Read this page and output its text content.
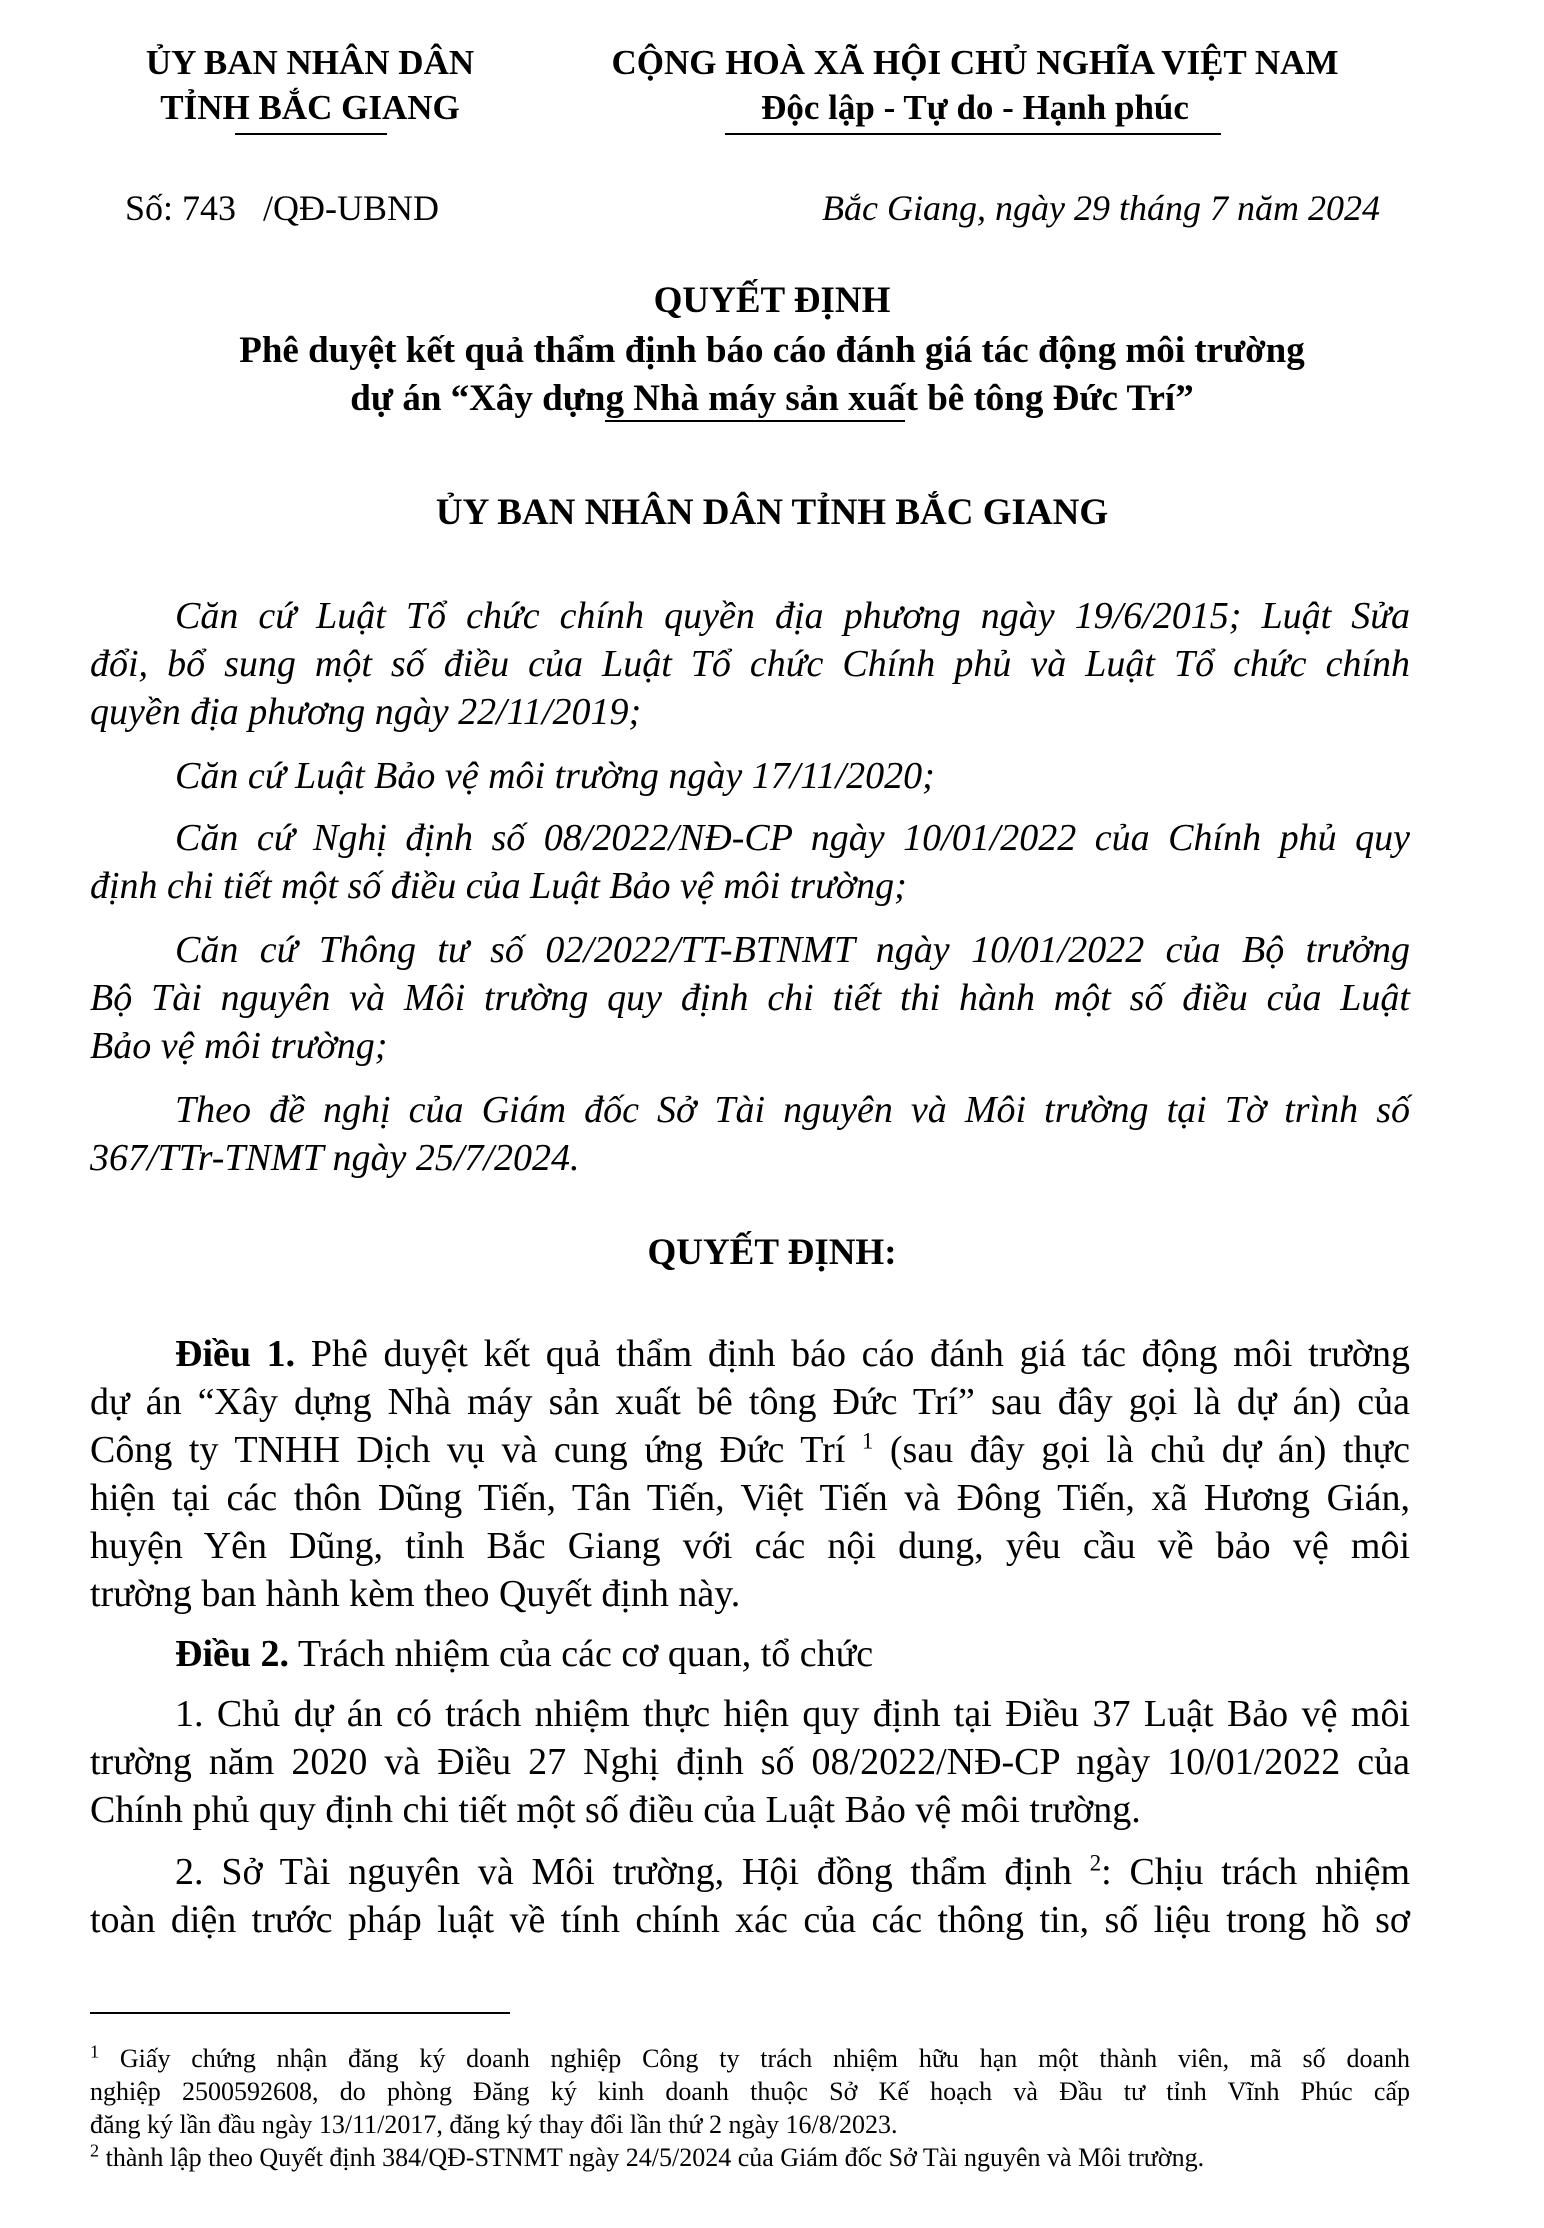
ỦY BAN NHÂN DÂN
TỈNH BẮC GIANG
CỘNG HOÀ XÃ HỘI CHỦ NGHĨA VIỆT NAM
Độc lập - Tự do - Hạnh phúc
Số: 743   /QĐ-UBND	Bắc Giang, ngày 29 tháng 7 năm 2024
QUYẾT ĐỊNH
Phê duyệt kết quả thẩm định báo cáo đánh giá tác động môi trường
dự án “Xây dựng Nhà máy sản xuất bê tông Đức Trí”
ỦY BAN NHÂN DÂN TỈNH BẮC GIANG
Căn cứ Luật Tổ chức chính quyền địa phương ngày 19/6/2015; Luật Sửa
đổi, bổ sung một số điều của Luật Tổ chức Chính phủ và Luật Tổ chức chính
quyền địa phương ngày 22/11/2019;
Căn cứ Luật Bảo vệ môi trường ngày 17/11/2020;
Căn cứ Nghị định số 08/2022/NĐ-CP ngày 10/01/2022 của Chính phủ quy
định chi tiết một số điều của Luật Bảo vệ môi trường;
Căn cứ Thông tư số 02/2022/TT-BTNMT ngày 10/01/2022 của Bộ trưởng
Bộ Tài nguyên và Môi trường quy định chi tiết thi hành một số điều của Luật
Bảo vệ môi trường;
Theo đề nghị của Giám đốc Sở Tài nguyên và Môi trường tại Tờ trình số
367/TTr-TNMT ngày 25/7/2024.
QUYẾT ĐỊNH:
Điều 1. Phê duyệt kết quả thẩm định báo cáo đánh giá tác động môi trường
dự án “Xây dựng Nhà máy sản xuất bê tông Đức Trí” sau đây gọi là dự án) của
Công ty TNHH Dịch vụ và cung ứng Đức Trí $^1$ (sau đây gọi là chủ dự án) thực
hiện tại các thôn Dũng Tiến, Tân Tiến, Việt Tiến và Đông Tiến, xã Hương Gián,
huyện Yên Dũng, tỉnh Bắc Giang với các nội dung, yêu cầu về bảo vệ môi
trường ban hành kèm theo Quyết định này.
Điều 2. Trách nhiệm của các cơ quan, tổ chức
1. Chủ dự án có trách nhiệm thực hiện quy định tại Điều 37 Luật Bảo vệ môi
trường năm 2020 và Điều 27 Nghị định số 08/2022/NĐ-CP ngày 10/01/2022 của
Chính phủ quy định chi tiết một số điều của Luật Bảo vệ môi trường.
2. Sở Tài nguyên và Môi trường, Hội đồng thẩm định $^2$: Chịu trách nhiệm
toàn diện trước pháp luật về tính chính xác của các thông tin, số liệu trong hồ sơ
$^1$ Giấy chứng nhận đăng ký doanh nghiệp Công ty trách nhiệm hữu hạn một thành viên, mã số doanh
nghiệp 2500592608, do phòng Đăng ký kinh doanh thuộc Sở Kế hoạch và Đầu tư tỉnh Vĩnh Phúc cấp
đăng ký lần đầu ngày 13/11/2017, đăng ký thay đổi lần thứ 2 ngày 16/8/2023.
$^2$ thành lập theo Quyết định 384/QĐ-STNMT ngày 24/5/2024 của Giám đốc Sở Tài nguyên và Môi trường.
